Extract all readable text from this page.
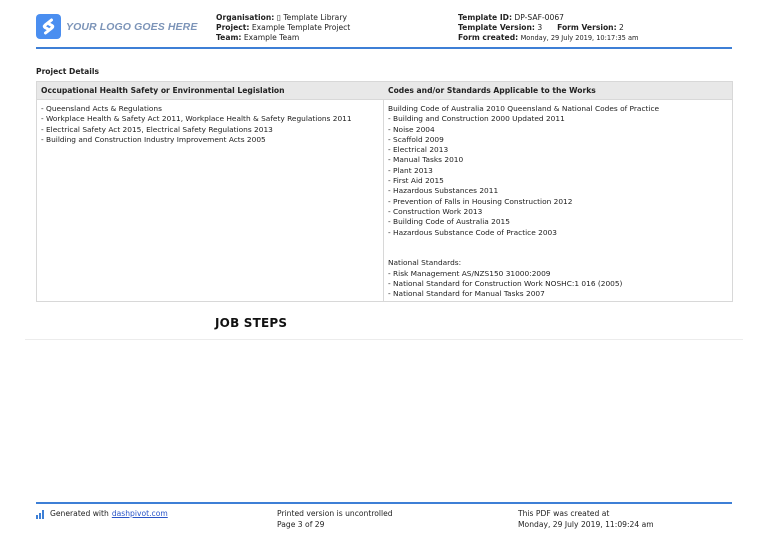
YOUR LOGO GOES HERE
Organisation: ▯ Template Library
Project: Example Template Project
Team: Example Team
Template ID: DP-SAF-0067
Template Version: 3 Form Version: 2
Form created: Monday, 29 July 2019, 10:17:35 am
Project Details
Occupational Health Safety or Environmental Legislation	Codes and/or Standards Applicable to the Works
- Queensland Acts & Regulations
- Workplace Health & Safety Act 2011, Workplace Health & Safety Regulations 2011
- Electrical Safety Act 2015, Electrical Safety Regulations 2013
- Building and Construction Industry Improvement Acts 2005
Building Code of Australia 2010 Queensland & National Codes of Practice
- Building and Construction 2000 Updated 2011
- Noise 2004
- Scaffold 2009
- Electrical 2013
- Manual Tasks 2010
- Plant 2013
- First Aid 2015
- Hazardous Substances 2011
- Prevention of Falls in Housing Construction 2012
- Construction Work 2013
- Building Code of Australia 2015
- Hazardous Substance Code of Practice 2003
National Standards:
- Risk Management AS/NZS150 31000:2009
- National Standard for Construction Work NOSHC:1 016 (2005)
- National Standard for Manual Tasks 2007
JOB STEPS
Generated with dashpivot.com	Printed version is uncontrolled
Page 3 of 29
This PDF was created at
Monday, 29 July 2019, 11:09:24 am
